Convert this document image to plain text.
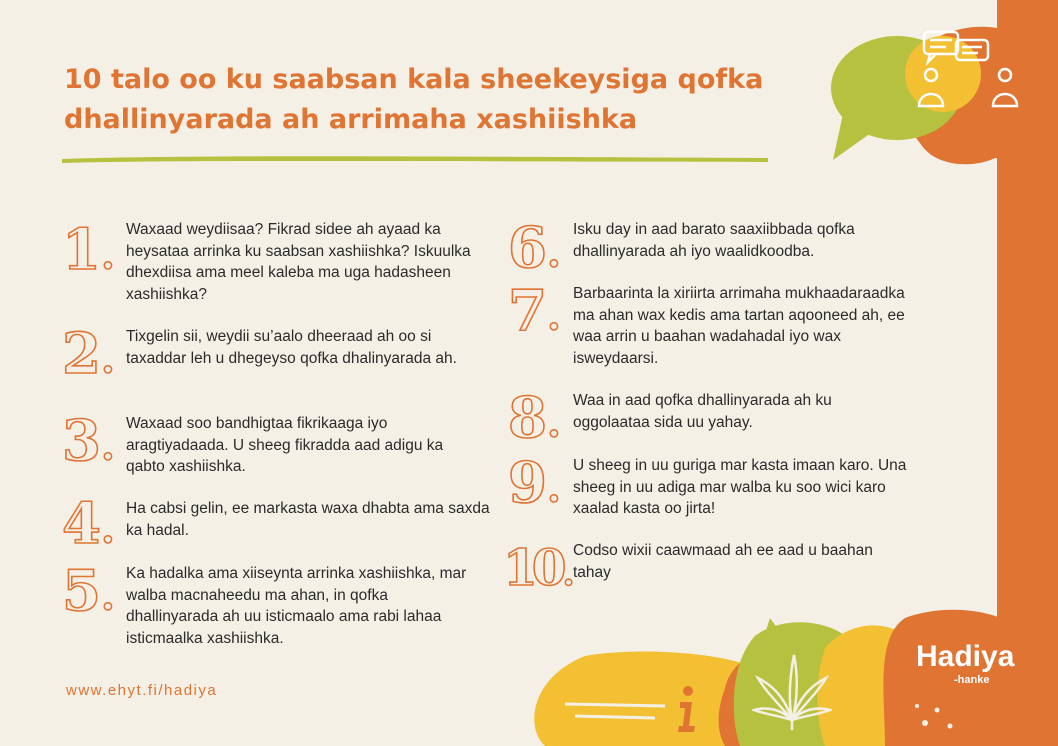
10 talo oo ku saabsan kala sheekeysiga qofka
dhallinyarada ah arrimaha xashiishka
1 . Waxaad weydiisaa? Fikrad sidee ah ayaad ka heysataa arrinka ku saabsan xashiishka? Iskuulka dhexdiisa ama meel kaleba ma uga hadasheen xashiishka?

2 . Tixgelin sii, weydii su’aalo dheeraad ah oo si taxaddar leh u dhegeyso qofka dhalinyarada ah.

3 . Waxaad soo bandhigtaa fikrikaaga iyo aragtiyadaada. U sheeg fikradda aad adigu ka qabto xashiishka.

4 . Ha cabsi gelin, ee markasta waxa dhabta ama saxda ka hadal.

5 . Ka hadalka ama xiiseynta arrinka xashiishka, mar walba macnaheedu ma ahan, in qofka dhallinyarada ah uu isticmaalo ama rabi lahaa isticmaalka xashiishka.

6 . Isku day in aad barato saaxiibbada qofka dhallinyarada ah iyo waalidkoodba.

7 . Barbaarinta la xiriirta arrimaha mukhaadaraadka ma ahan wax kedis ama tartan aqooneed ah, ee waa arrin u baahan wadahadal iyo wax isweydaarsi.

8 . Waa in aad qofka dhallinyarada ah ku oggolaataa sida uu yahay.

9 . U sheeg in uu guriga mar kasta imaan karo. Una sheeg in uu adiga mar walba ku soo wici karo xaalad kasta oo jirta!

10 .

Codso wixii caawmaad ah ee aad u baahan tahay

Hadiya
-hanke
www.ehyt.fi/hadiya
